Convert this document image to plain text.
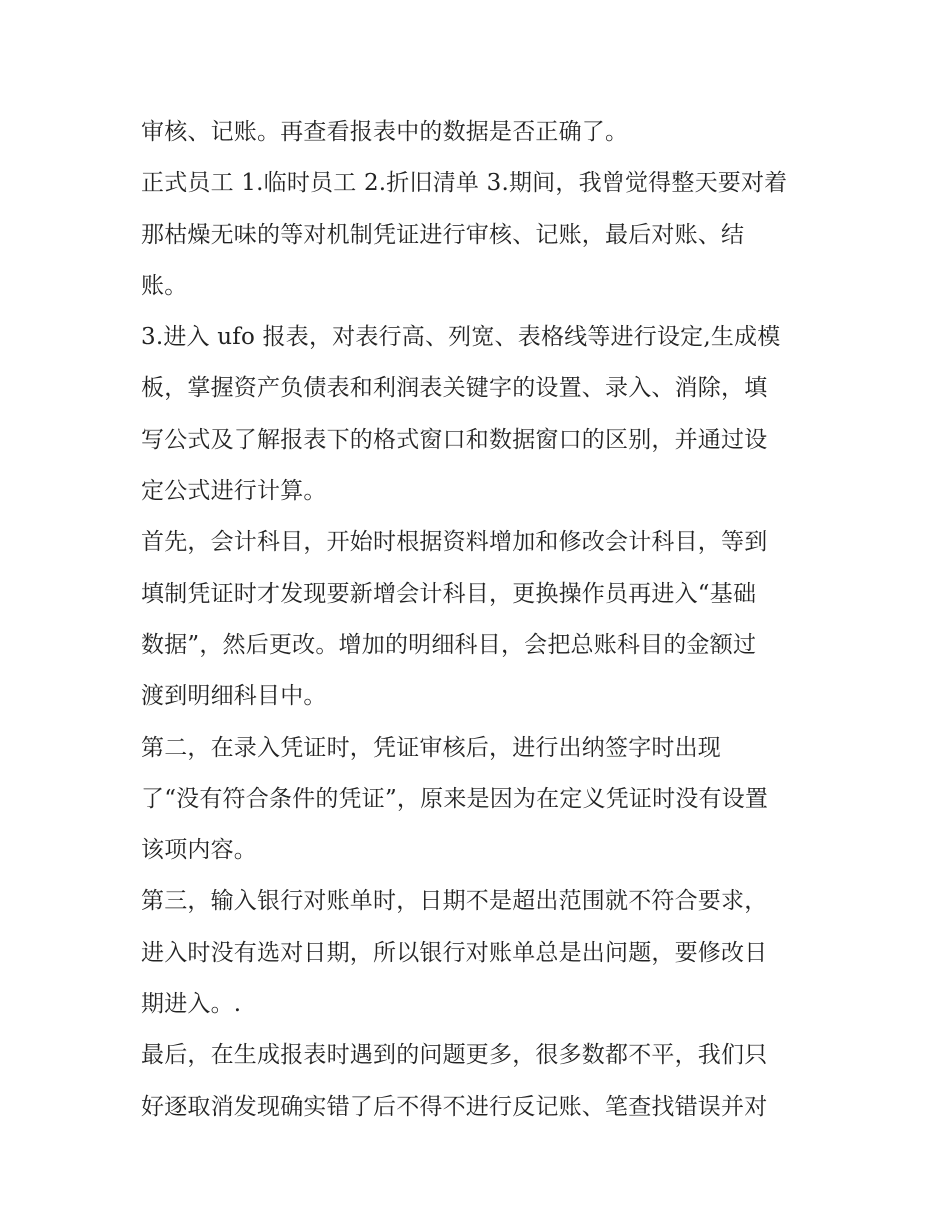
审核、记账。再查看报表中的数据是否正确了。
正式员工 1.临时员工 2.折旧清单 3.期间，我曾觉得整天要对着
那枯燥无味的等对机制凭证进行审核、记账，最后对账、结
账。
3.进入 ufo 报表，对表行高、列宽、表格线等进行设定,生成模
板，掌握资产负债表和利润表关键字的设置、录入、消除，填
写公式及了解报表下的格式窗口和数据窗口的区别，并通过设
定公式进行计算。
首先，会计科目，开始时根据资料增加和修改会计科目，等到
填制凭证时才发现要新增会计科目，更换操作员再进入“基础
数据”，然后更改。增加的明细科目，会把总账科目的金额过
渡到明细科目中。
第二，在录入凭证时，凭证审核后，进行出纳签字时出现
了“没有符合条件的凭证”，原来是因为在定义凭证时没有设置
该项内容。
第三，输入银行对账单时，日期不是超出范围就不符合要求，
进入时没有选对日期，所以银行对账单总是出问题，要修改日
期进入。.
最后，在生成报表时遇到的问题更多，很多数都不平，我们只
好逐取消发现确实错了后不得不进行反记账、笔查找错误并对
